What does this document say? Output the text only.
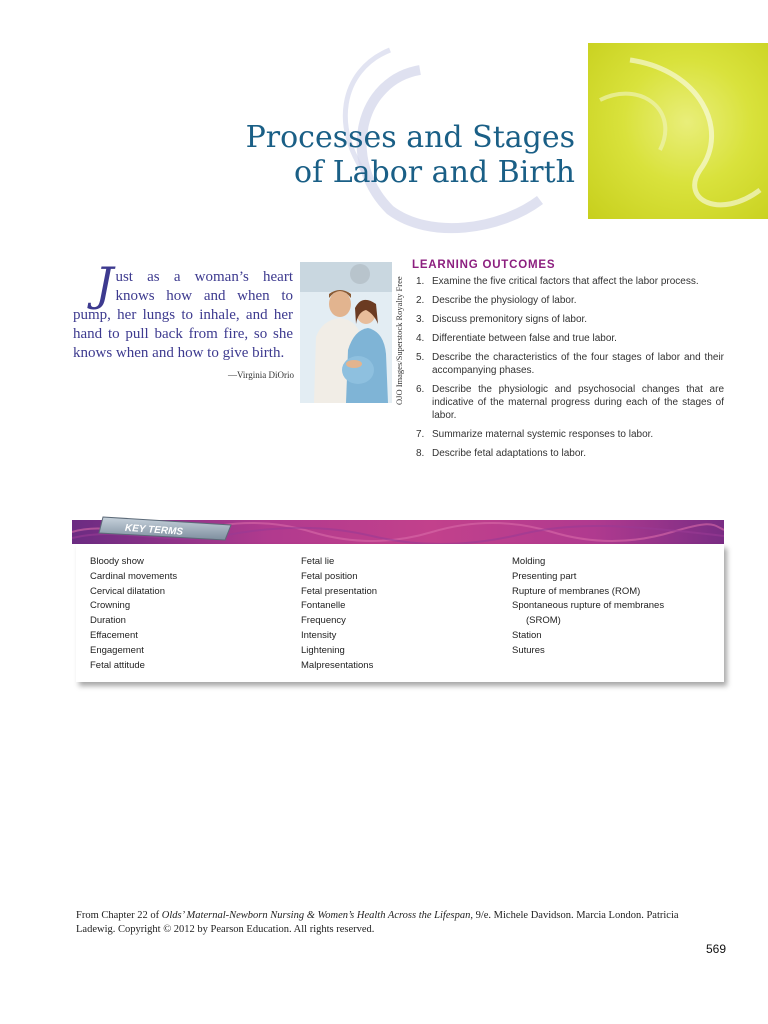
Processes and Stages
of Labor and Birth
Just as a woman’s heart knows how and when to pump, her lungs to inhale, and her hand to pull back from fire, so she knows when and how to give birth.
—Virginia DiOrio	OJO Images/Superstock Royalty Free
LEARNING OUTCOMES
1. Examine the five critical factors that affect the labor process.
2. Describe the physiology of labor.
3. Discuss premonitory signs of labor.
4. Differentiate between false and true labor.
5. Describe the characteristics of the four stages of labor and their accompanying phases.
6. Describe the physiologic and psychosocial changes that are indicative of the maternal progress during each of the stages of labor.
7. Summarize maternal systemic responses to labor.
8. Describe fetal adaptations to labor.
KEY TERMS
Bloody show
Cardinal movements
Cervical dilatation
Crowning
Duration
Effacement
Engagement
Fetal attitude
Fetal lie
Fetal position
Fetal presentation
Fontanelle
Frequency
Intensity
Lightening
Malpresentations
Molding
Presenting part
Rupture of membranes (ROM)
Spontaneous rupture of membranes
(SROM)
Station
Sutures
From Chapter 22 of Olds’ Maternal-Newborn Nursing & Women’s Health Across the Lifespan, 9/e. Michele Davidson. Marcia London. Patricia Ladewig. Copyright © 2012 by Pearson Education. All rights reserved.
569
